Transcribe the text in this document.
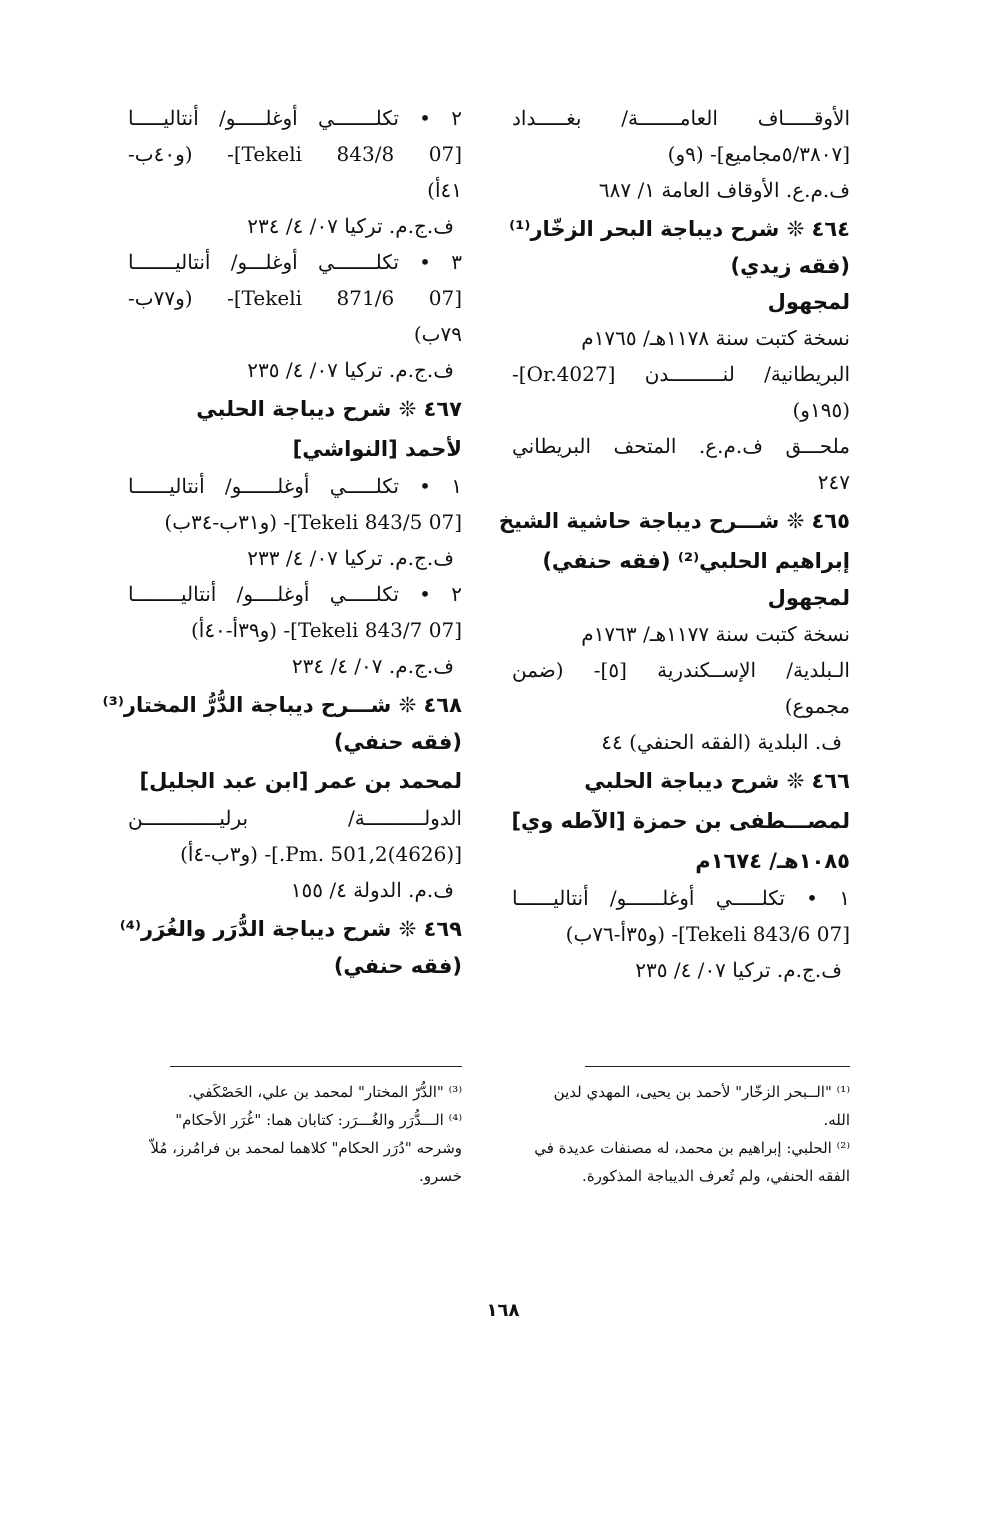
الأوقـــــاف العامـــــــة/ بغـــــداد
[٥/٣٨٠٧مجاميع]- (٩و)
ف.م.ع. الأوقاف العامة ١/ ٦٨٧
٤٦٤ ❊ شرح ديباجة البحر الزخّار⁽¹⁾
(فقه زيدي)
لمجهول
نسخة كتبت سنة ١١٧٨هـ/ ١٧٦٥م
البريطانية/ لنـــــــــدن [Or.4027]-
(١٩٥و)
ملحـــق ف.م.ع. المتحف البريطاني
٢٤٧
٤٦٥ ❊ شـــرح ديباجة حاشية الشيخ
إبراهيم الحلبي⁽²⁾ (فقه حنفي)
لمجهول
نسخة كتبت سنة ١١٧٧هـ/ ١٧٦٣م
الـبلدية/ الإســكندرية [٥]- (ضمن
مجموع)
ف. البلدية (الفقه الحنفي) ٤٤
٤٦٦ ❊ شرح ديباجة الحلبي
لمصـــطفى بن حمزة [الآطه وي]
١٠٨٥هـ/ ١٦٧٤م
١ • تكلـــــي أوغلــــــو/ أنتاليــــــا
[07 Tekeli 843/6]- (و٣٥أ-٧٦ب)
ف.ج.م. تركيا ٠٧/ ٤/ ٢٣٥
٢ • تكلـــــــي أوغلـــــو/ أنتاليـــــا
[07 Tekeli 843/8]- (و٤٠ب-
٤١أ)
ف.ج.م. تركيا ٠٧/ ٤/ ٢٣٤
٣ • تكلـــــــي أوغلـــو/ أنتاليـــــــا
[07 Tekeli 871/6]- (و٧٧ب-
٧٩ب)
ف.ج.م. تركيا ٠٧/ ٤/ ٢٣٥
٤٦٧ ❊ شرح ديباجة الحلبي
لأحمد [النواشي]
١ • تكلـــــي أوغلــــــو/ أنتاليــــــا
[07 Tekeli 843/5]- (و٣١ب-٣٤ب)
ف.ج.م. تركيا ٠٧/ ٤/ ٢٣٣
٢ • تكلـــــي أوغلــــو/ أنتاليــــــــا
[07 Tekeli 843/7]- (و٣٩أ-٤٠أ)
ف.ج.م. ٠٧/ ٤/ ٢٣٤
٤٦٨ ❊ شـــرح ديباجة الدُّرُّ المختار⁽³⁾
(فقه حنفي)
لمحمد بن عمر [ابن عبد الجليل]
الدولــــــــــة/ برليـــــــــــــن
[(4626)Pm. 501,2.]- (و٣ب-٤أ)
ف.م. الدولة ٤/ ١٥٥
٤٦٩ ❊ شرح ديباجة الدُّرَر والغُرَر⁽⁴⁾
(فقه حنفي)

⁽¹⁾ "الــبحر الزخّار" لأحمد بن يحيى، المهدي لدين

الله.

⁽²⁾ الحلبي: إبراهيم بن محمد، له مصنفات عديدة في

الفقه الحنفي، ولم تُعرف الديباجة المذكورة.

⁽³⁾ "الدُّرّ المختار" لمحمد بن علي، الحَصْكَفي.

⁽⁴⁾ الـــدُّرَر والغُـــرَر: كتابان هما: "غُرَر الأحكام"

وشرحه "دُرَر الحكام" كلاهما لمحمد بن فرامُرز، مُلاّ

خسرو.

١٦٨
